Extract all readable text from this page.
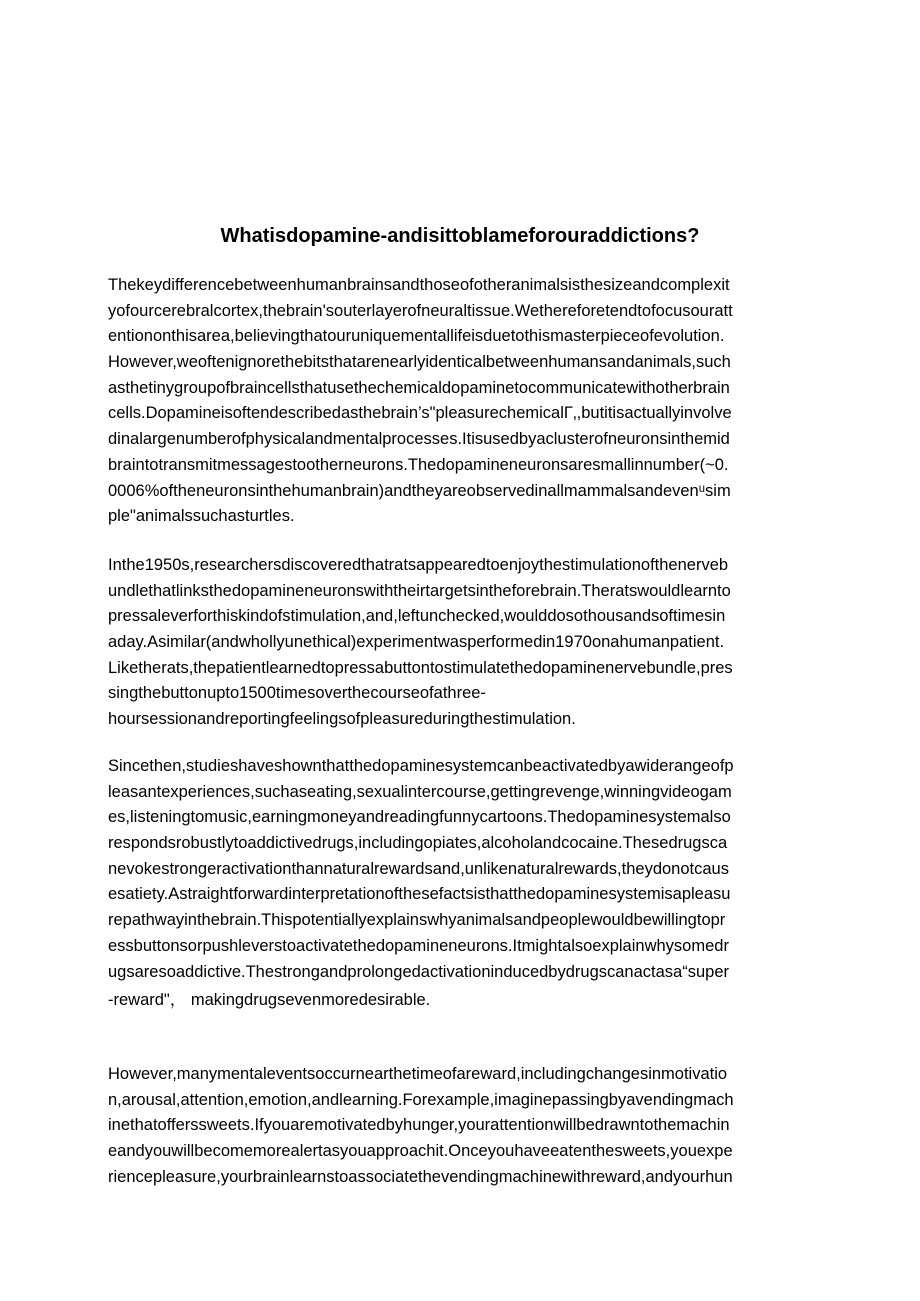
Whatisdopamine-andisittoblameforouraddictions?
Thekeydifferencebetweenhumanbrainsandthoseofotheranimalsisthesizeandcomplexit
yofourcerebralcortex,thebrain'souterlayerofneuraltissue.Wethereforetendtofocusouratt
entiononthisarea,believingthatouruniquementallifeisduetothismasterpieceofevolution.
However,weoftenignorethebitsthatarenearlyidenticalbetweenhumansandanimals,such
asthetinygroupofbraincellsthatusethechemicaldopaminetocommunicatewithotherbrain
cells.Dopamineisoftendescribedasthebrain’s"pleasurechemicalΓ‚,butitisactuallyinvolve
dinalargenumberofphysicalandmentalprocesses.Itisusedbyaclusterofneuronsinthemid
braintotransmitmessagestootherneurons.Thedopamineneuronsaresmallinnumber(~0.
0006%oftheneuronsinthehumanbrain)andtheyareobservedinallmammalsandevenᵘsim
ple"animalssuchasturtles.
Inthe1950s,researchersdiscoveredthatratsappearedtoenjoythestimulationofthenerveb
undlethatlinksthedopamineneuronswiththeirtargetsintheforebrain.Theratswouldlearnto
pressaleverforthiskindofstimulation,and,leftunchecked,woulddosothousandsoftimesin
aday.Asimilar(andwhollyunethical)experimentwasperformedin1970onahumanpatient.
Liketherats,thepatientlearnedtopressabuttontostimulatethedopaminenervebundle,pres
singthebuttonupto1500timesoverthecourseofathree-
hoursessionandreportingfeelingsofpleasureduringthestimulation.
Sincethen,studieshaveshownthatthedopaminesystemcanbeactivatedbyawiderangeofp
leasantexperiences,suchaseating,sexualintercourse,gettingrevenge,winningvideogam
es,listeningtomusic,earningmoneyandreadingfunnycartoons.Thedopaminesystemalso
respondsrobustlytoaddictivedrugs,includingopiates,alcoholandcocaine.Thesedrugsca
nevokestrongeractivationthannaturalrewardsand,unlikenaturalrewards,theydonotcaus
esatiety.Astraightforwardinterpretationofthesefactsisthatthedopaminesystemisapleasu
repathwayinthebrain.Thispotentiallyexplainswhyanimalsandpeoplewouldbewillingtopr
essbuttonsorpushleverstoactivatethedopamineneurons.Itmightalsoexplainwhysomedr
ugsaresoaddictive.Thestrongandprolongedactivationinducedbydrugscanactasa“super
-reward"， makingdrugsevenmoredesirable.
However,manymentaleventsoccurnearthetimeofareward,includingchangesinmotivatio
n,arousal,attention,emotion,andlearning.Forexample,imaginepassingbyavendingmach
inethatofferssweets.Ifyouaremotivatedbyhunger,yourattentionwillbedrawntothemachin
eandyouwillbecomemorealertasyouapproachit.Onceyouhaveeatenthesweets,youexpe
riencepleasure,yourbrainlearnstoassociatethevendingmachinewithreward,andyourhun
